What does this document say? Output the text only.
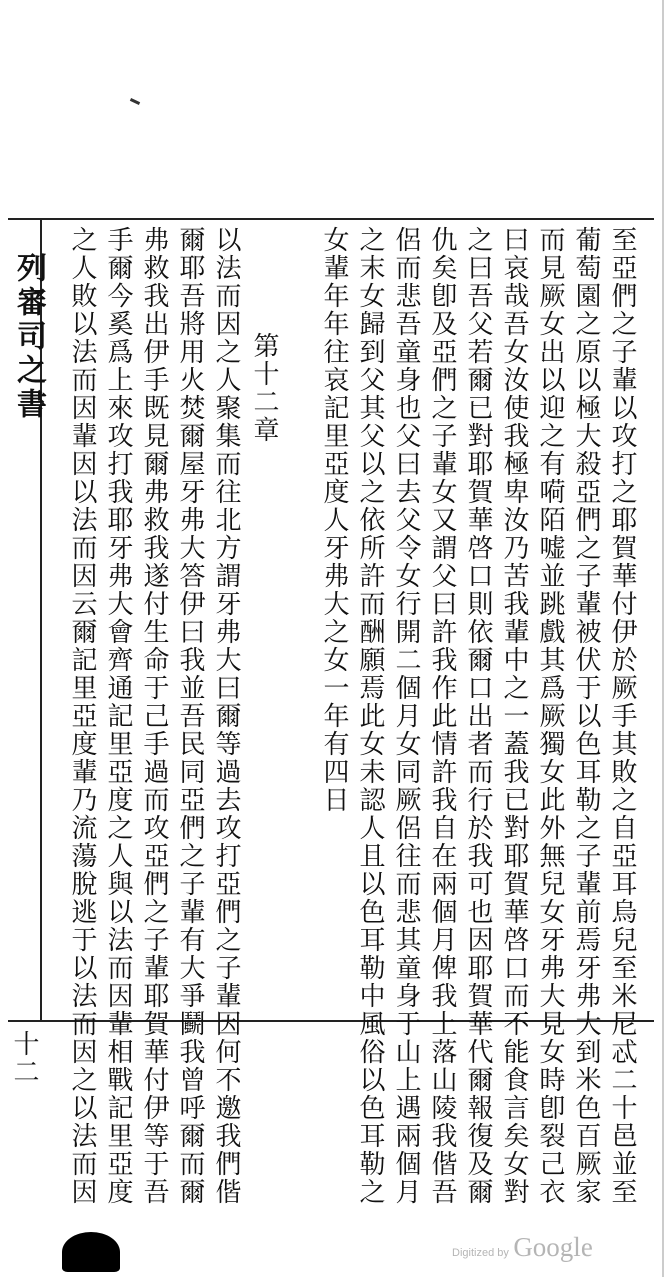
列審司之書
十二	至亞們之子輩以攻打之耶賀華付伊於厥手其敗之自亞耳烏兒至米尼忒二十邑並至
葡萄園之原以極大殺亞們之子輩被伏于以色耳勒之子輩前焉牙弗大到米色百厥家
而見厥女出以迎之有嗬陌嘘並跳戲其爲厥獨女此外無兒女牙弗大見女時卽裂己衣
曰哀哉吾女汝使我極卑汝乃苦我輩中之一蓋我已對耶賀華啓口而不能食言矣女對
之曰吾父若爾已對耶賀華啓口則依爾口出者而行於我可也因耶賀華代爾報復及爾
仇矣卽及亞們之子輩女又謂父曰許我作此情許我自在兩個月俾我上落山陵我偕吾
侶而悲吾童身也父曰去父令女行開二個月女同厥侶往而悲其童身于山上遇兩個月
之末女歸到父其父以之依所許而酬願焉此女未認人且以色耳勒中風俗以色耳勒之
女輩年年往哀記里亞度人牙弗大之女一年有四日
第十二章
以法而因之人聚集而往北方謂牙弗大曰爾等過去攻打亞們之子輩因何不邀我們偕
爾耶吾將用火焚爾屋牙弗大答伊曰我並吾民同亞們之子輩有大爭鬬我曾呼爾而爾
弗救我出伊手既見爾弗救我遂付生命于己手過而攻亞們之子輩耶賀華付伊等于吾
手爾今奚爲上來攻打我耶牙弗大會齊通記里亞度之人與以法而因輩相戰記里亞度
之人敗以法而因輩因以法而因云爾記里亞度輩乃流蕩脫逃于以法而因之以法而因
Digitized by Google
